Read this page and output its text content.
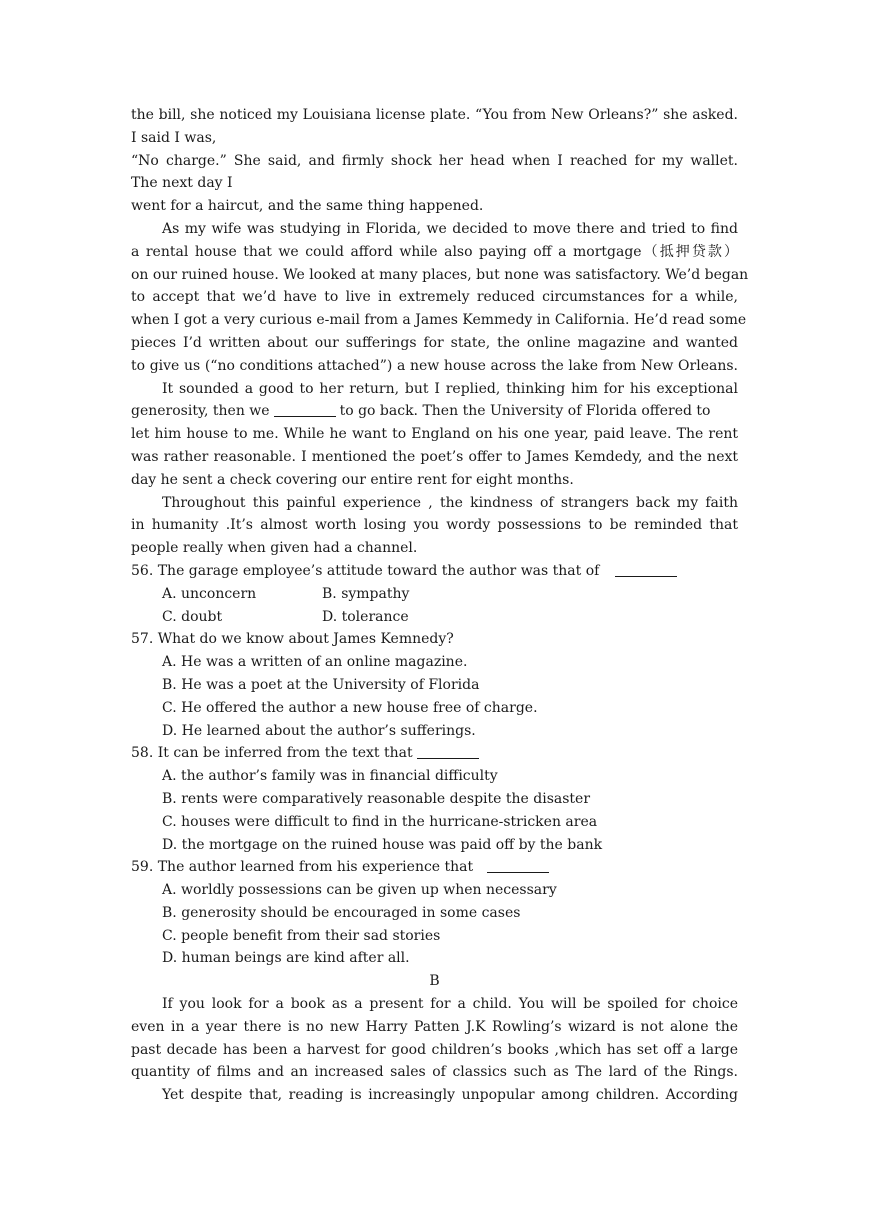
the bill, she noticed my Louisiana license plate. “You from New Orleans?” she asked.
I said I was,
“No charge.” She said, and firmly shock her head when I reached for my wallet.
The next day I
went for a haircut, and the same thing happened.
As my wife was studying in Florida, we decided to move there and tried to find
a rental house that we could afford while also paying off a mortgage（抵押贷款）
on our ruined house. We looked at many places, but none was satisfactory. We’d began
to accept that we’d have to live in extremely reduced circumstances for a while,
when I got a very curious e-mail from a James Kemmedy in California. He’d read some
pieces I’d written about our sufferings for state, the online magazine and wanted
to give us (“no conditions attached”) a new house across the lake from New Orleans.
It sounded a good to her return, but I replied, thinking him for his exceptional
generosity, then we	to go back. Then the University of Florida offered to
let him house to me. While he want to England on his one year, paid leave. The rent
was rather reasonable. I mentioned the poet’s offer to James Kemdedy, and the next
day he sent a check covering our entire rent for eight months.
Throughout this painful experience , the kindness of strangers back my faith
in humanity .It’s almost worth losing you wordy possessions to be reminded that
people really when given had a channel.
56. The garage employee’s attitude toward the author was that of
A. unconcern	B. sympathy
C. doubt	D. tolerance
57. What do we know about James Kemnedy?
A. He was a written of an online magazine.
B. He was a poet at the University of Florida
C. He offered the author a new house free of charge.
D. He learned about the author’s sufferings.
58. It can be inferred from the text that
A. the author’s family was in financial difficulty
B. rents were comparatively reasonable despite the disaster
C. houses were difficult to find in the hurricane-stricken area
D. the mortgage on the ruined house was paid off by the bank
59. The author learned from his experience that
A. worldly possessions can be given up when necessary
B. generosity should be encouraged in some cases
C. people benefit from their sad stories
D. human beings are kind after all.
B
If you look for a book as a present for a child. You will be spoiled for choice
even in a year there is no new Harry Patten J.K Rowling’s wizard is not alone the
past decade has been a harvest for good children’s books ,which has set off a large
quantity of films and an increased sales of classics such as The lard of the Rings.
Yet despite that, reading is increasingly unpopular among children. According
